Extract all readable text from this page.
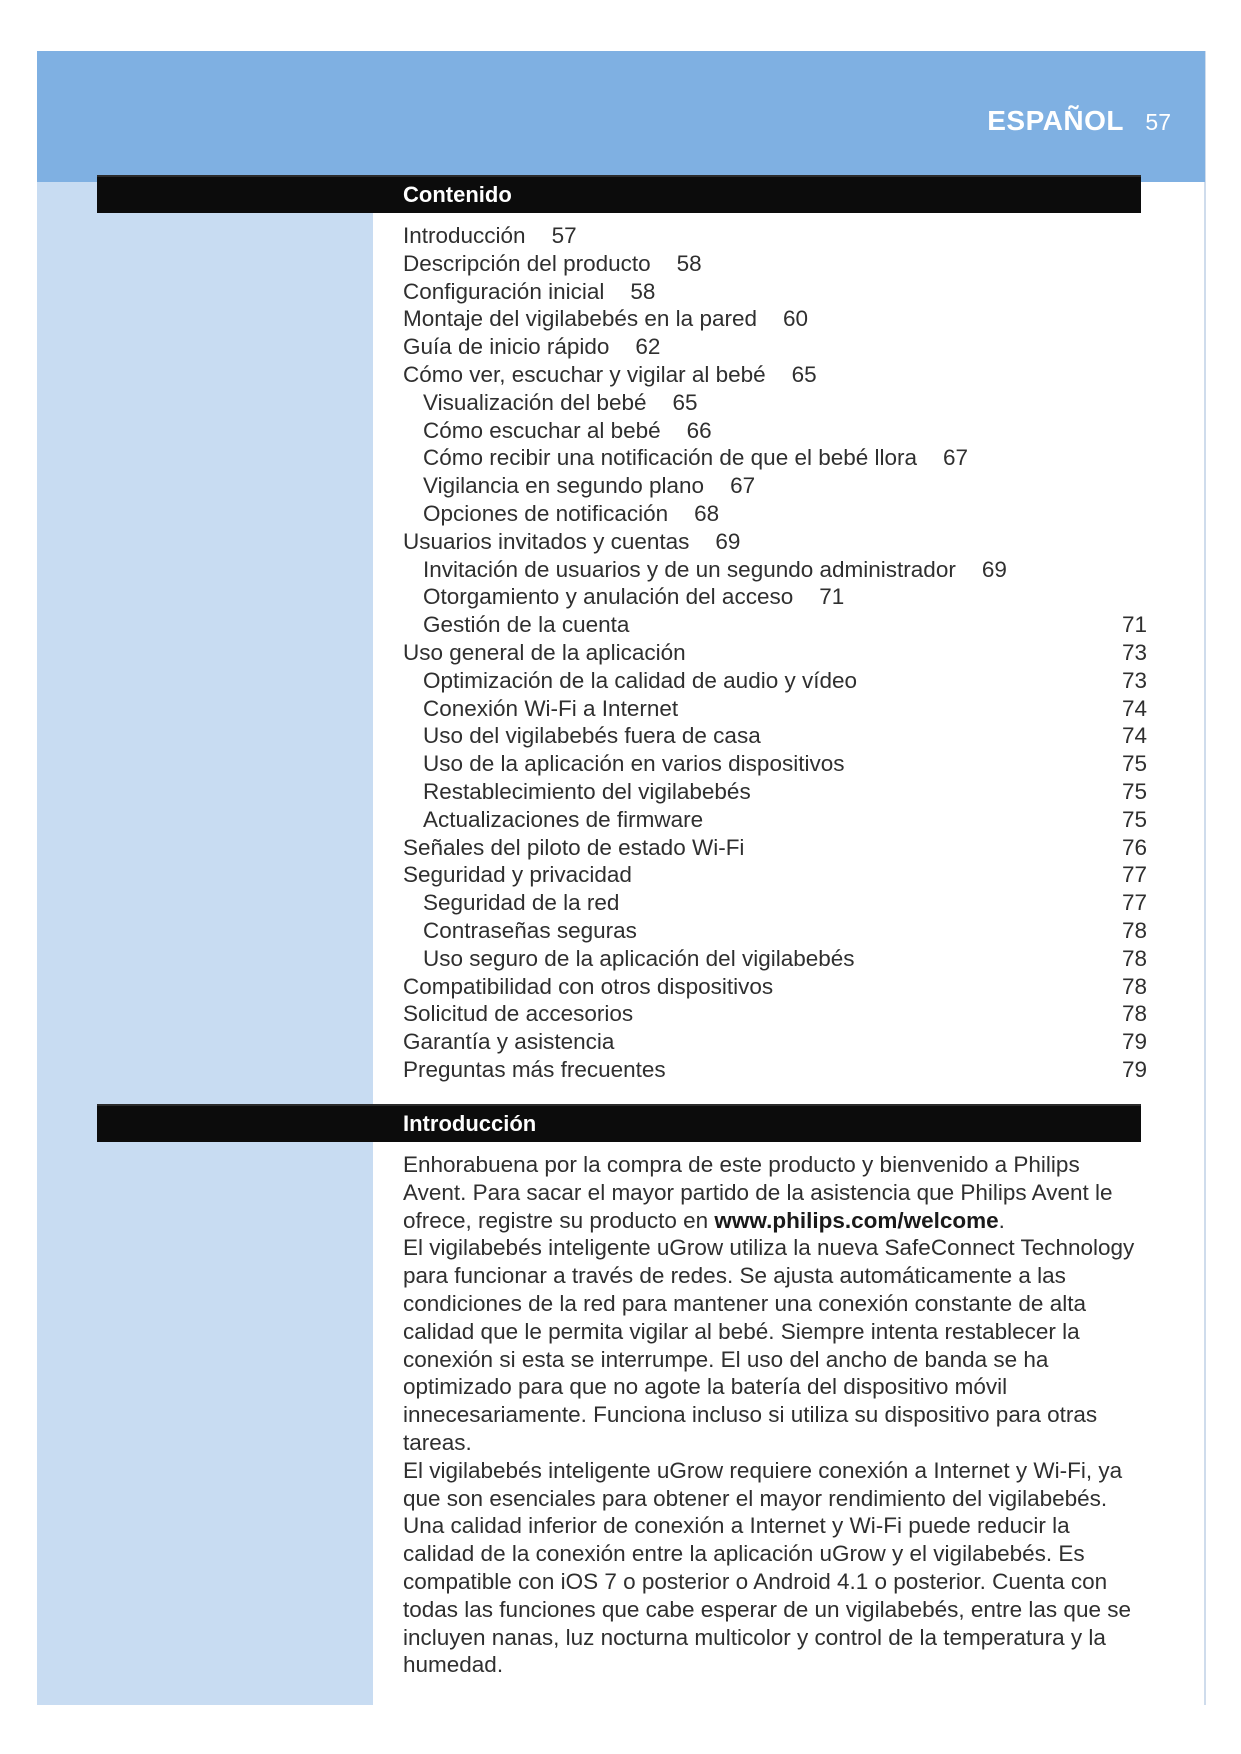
ESPAÑOL 57
Contenido
Introducción 57
Descripción del producto 58
Configuración inicial 58
Montaje del vigilabebés en la pared 60
Guía de inicio rápido 62
Cómo ver, escuchar y vigilar al bebé 65
Visualización del bebé 65
Cómo escuchar al bebé 66
Cómo recibir una notificación de que el bebé llora 67
Vigilancia en segundo plano 67
Opciones de notificación 68
Usuarios invitados y cuentas 69
Invitación de usuarios y de un segundo administrador 69
Otorgamiento y anulación del acceso 71
Gestión de la cuenta	71
Uso general de la aplicación	73
Optimización de la calidad de audio y vídeo	73
Conexión Wi-Fi a Internet	74
Uso del vigilabebés fuera de casa	74
Uso de la aplicación en varios dispositivos	75
Restablecimiento del vigilabebés	75
Actualizaciones de firmware	75
Señales del piloto de estado Wi-Fi	76
Seguridad y privacidad	77
Seguridad de la red	77
Contraseñas seguras	78
Uso seguro de la aplicación del vigilabebés	78
Compatibilidad con otros dispositivos	78
Solicitud de accesorios	78
Garantía y asistencia	79
Preguntas más frecuentes	79
Introducción

Enhorabuena por la compra de este producto y bienvenido a Philips Avent. Para sacar el mayor partido de la asistencia que Philips Avent le ofrece, registre su producto en www.philips.com/welcome.

El vigilabebés inteligente uGrow utiliza la nueva SafeConnect Technology para funcionar a través de redes. Se ajusta automáticamente a las condiciones de la red para mantener una conexión constante de alta calidad que le permita vigilar al bebé. Siempre intenta restablecer la conexión si esta se interrumpe. El uso del ancho de banda se ha optimizado para que no agote la batería del dispositivo móvil innecesariamente. Funciona incluso si utiliza su dispositivo para otras tareas.

El vigilabebés inteligente uGrow requiere conexión a Internet y Wi-Fi, ya que son esenciales para obtener el mayor rendimiento del vigilabebés. Una calidad inferior de conexión a Internet y Wi-Fi puede reducir la calidad de la conexión entre la aplicación uGrow y el vigilabebés. Es compatible con iOS 7 o posterior o Android 4.1 o posterior. Cuenta con todas las funciones que cabe esperar de un vigilabebés, entre las que se incluyen nanas, luz nocturna multicolor y control de la temperatura y la humedad.
